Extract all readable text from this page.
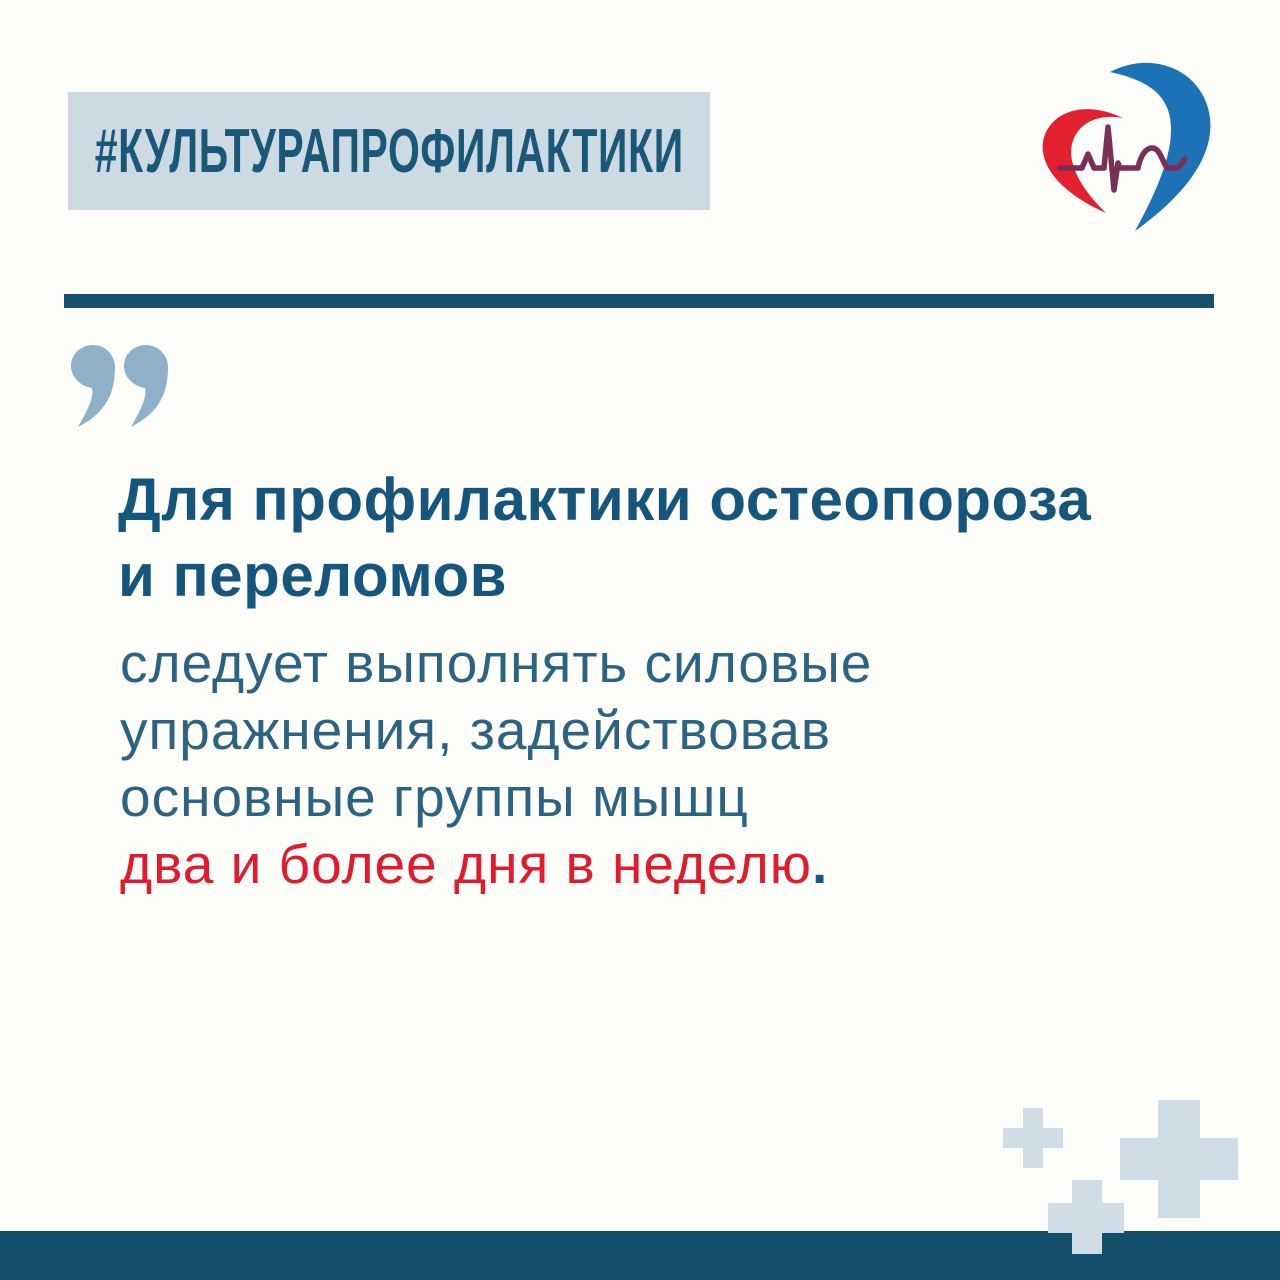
#КУЛЬТУРАПРОФИЛАКТИКИ
Для профилактики остеопороза
и переломов
следует выполнять силовые
упражнения, задействовав
основные группы мышц
два и более дня в неделю.
